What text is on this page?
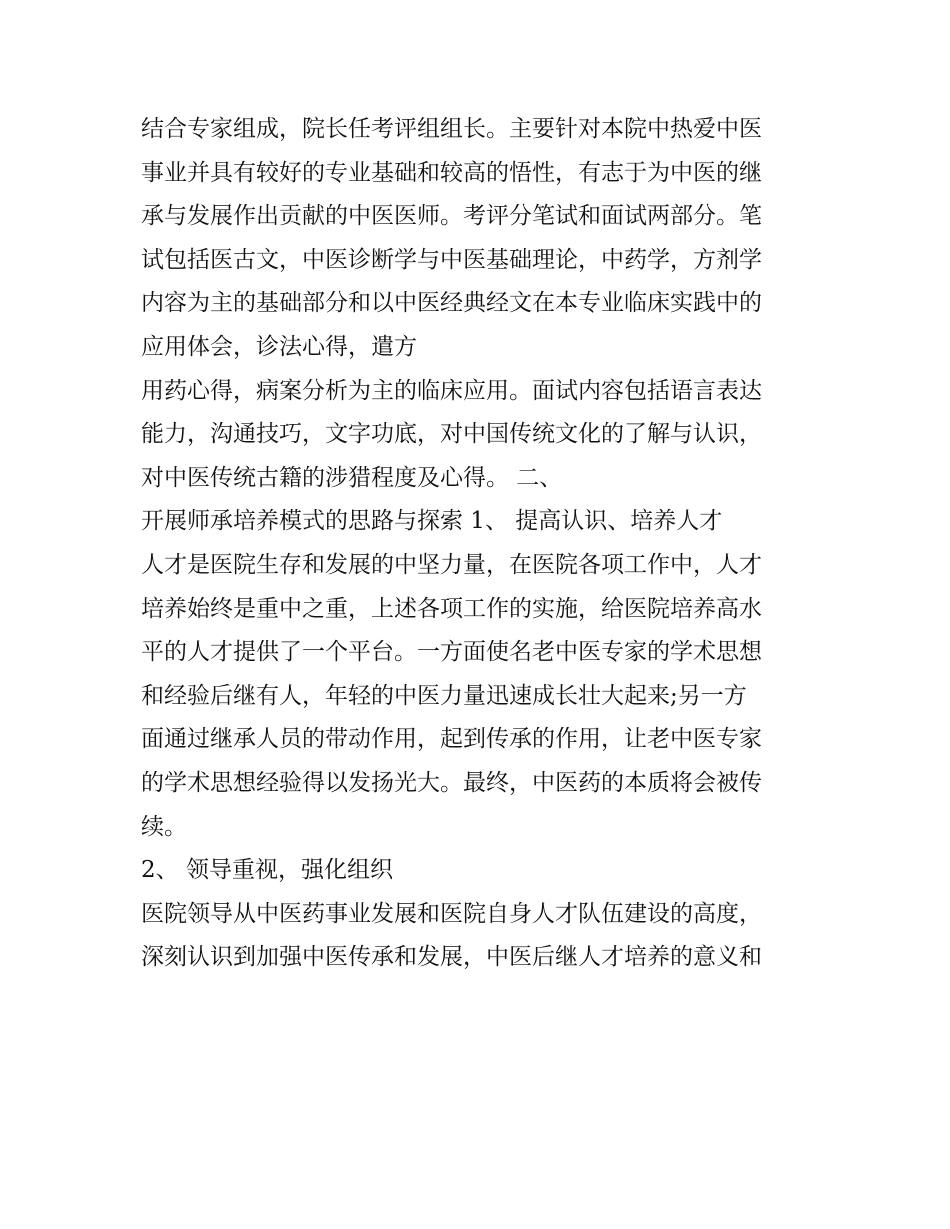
结合专家组成，院长任考评组组长。主要针对本院中热爱中医
事业并具有较好的专业基础和较高的悟性，有志于为中医的继
承与发展作出贡献的中医医师。考评分笔试和面试两部分。笔
试包括医古文，中医诊断学与中医基础理论，中药学，方剂学
内容为主的基础部分和以中医经典经文在本专业临床实践中的
应用体会，诊法心得，遣方
用药心得，病案分析为主的临床应用。面试内容包括语言表达
能力，沟通技巧，文字功底，对中国传统文化的了解与认识，
对中医传统古籍的涉猎程度及心得。 二、
开展师承培养模式的思路与探索 1、 提高认识、培养人才
人才是医院生存和发展的中坚力量，在医院各项工作中，人才
培养始终是重中之重，上述各项工作的实施，给医院培养高水
平的人才提供了一个平台。一方面使名老中医专家的学术思想
和经验后继有人，年轻的中医力量迅速成长壮大起来;另一方
面通过继承人员的带动作用，起到传承的作用，让老中医专家
的学术思想经验得以发扬光大。最终，中医药的本质将会被传
续。
2、 领导重视，强化组织
医院领导从中医药事业发展和医院自身人才队伍建设的高度，
深刻认识到加强中医传承和发展，中医后继人才培养的意义和
